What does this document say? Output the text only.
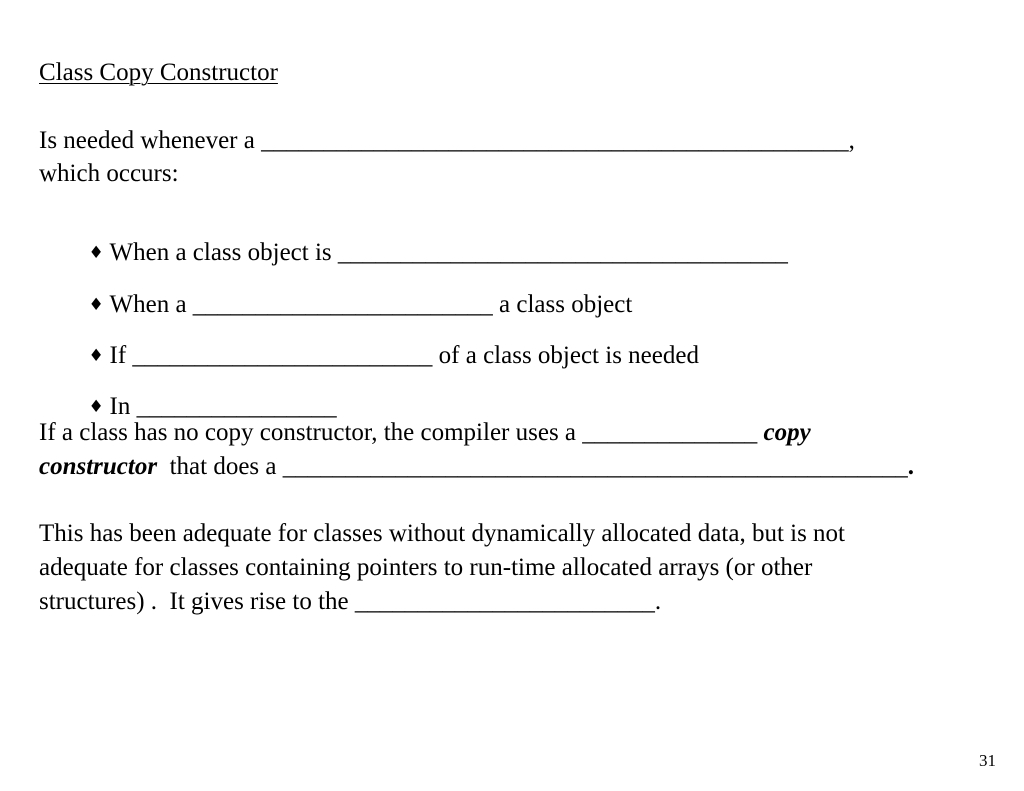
Class Copy Constructor
Is needed whenever a _______________________________________________,
which occurs:

♦ When a class object is ____________________________________

♦ When a ________________________ a class object

♦ If ________________________ of a class object is needed

♦ In ________________

If a class has no copy constructor, the compiler uses a ______________ copy
constructor  that does a __________________________________________________.
This has been adequate for classes without dynamically allocated data, but is not
adequate for classes containing pointers to run-time allocated arrays (or other
structures) .  It gives rise to the ________________________.
31
